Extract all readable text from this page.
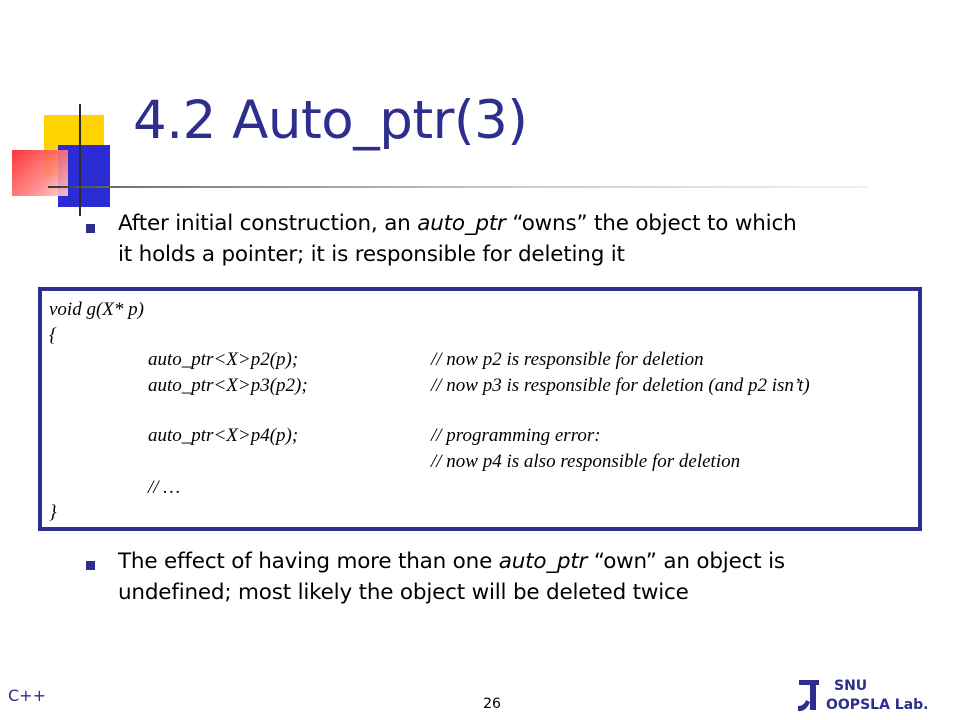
4.2 Auto_ptr(3)
After initial construction, an auto_ptr “owns” the object to which
it holds a pointer; it is responsible for deleting it
void g(X* p)
{
auto_ptr<X>p2(p);	// now p2 is responsible for deletion
auto_ptr<X>p3(p2);	// now p3 is responsible for deletion (and p2 isn’t)
auto_ptr<X>p4(p);	// programming error:
// now p4 is also responsible for deletion
// …
}
The effect of having more than one auto_ptr “own” an object is
undefined; most likely the object will be deleted twice
C++	26
SNU
OOPSLA Lab.
